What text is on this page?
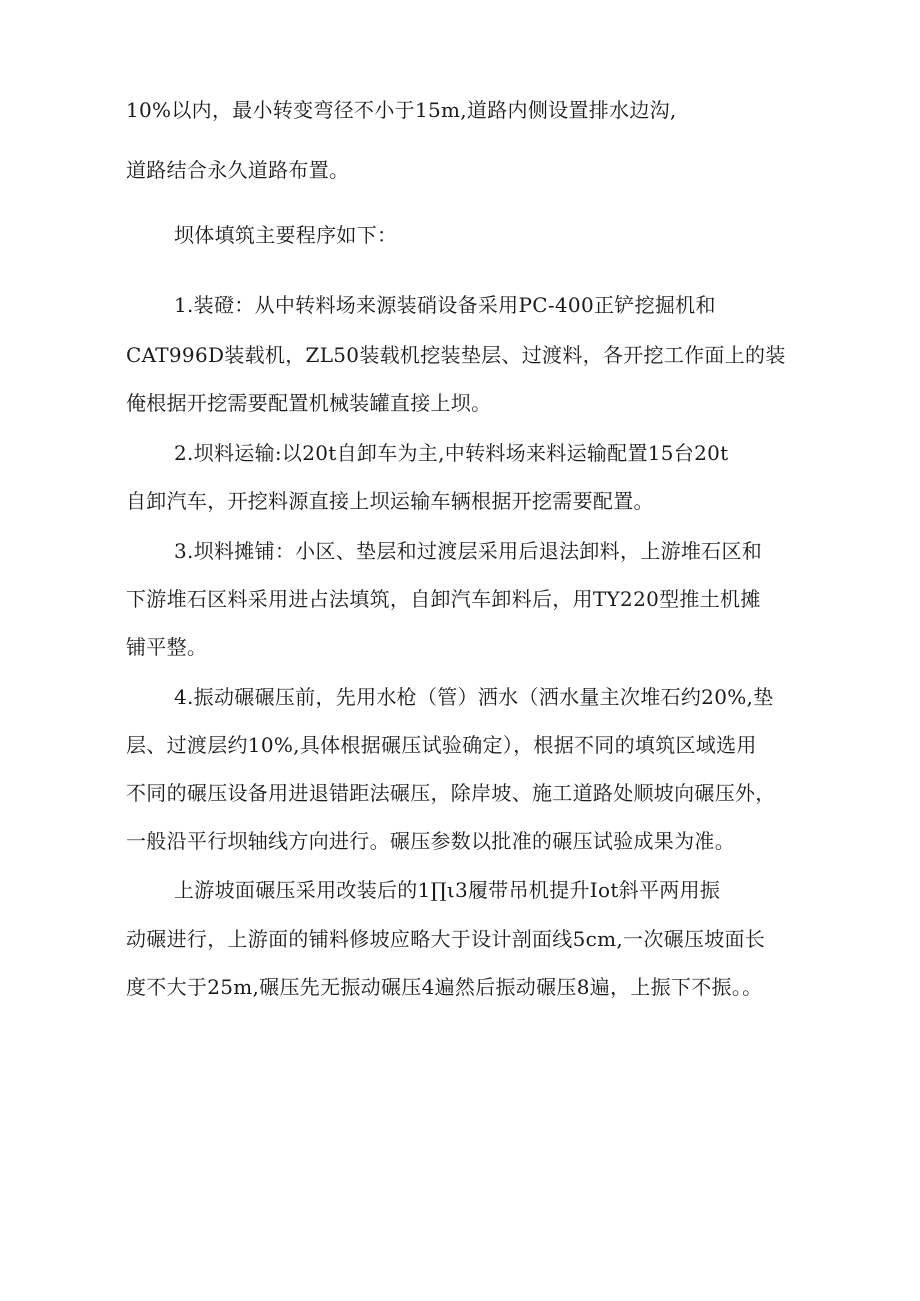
10%以内，最小转变弯径不小于15m,道路内侧设置排水边沟,
道路结合永久道路布置。
坝体填筑主要程序如下：
1.装磴：从中转料场来源装硝设备采用PC-400正铲挖掘机和
CAT996D装载机，ZL50装载机挖装垫层、过渡料，各开挖工作面上的装
俺根据开挖需要配置机械装罐直接上坝。
2.坝料运输:以20t自卸车为主,中转料场来料运输配置15台20t
自卸汽车，开挖料源直接上坝运输车辆根据开挖需要配置。
3.坝料摊铺：小区、垫层和过渡层采用后退法卸料，上游堆石区和
下游堆石区料采用进占法填筑，自卸汽车卸料后，用TY220型推土机摊
铺平整。
4.振动碾碾压前，先用水枪（管）洒水（洒水量主次堆石约20%,垫
层、过渡层约10%,具体根据碾压试验确定），根据不同的填筑区域选用
不同的碾压设备用进退错距法碾压，除岸坡、施工道路处顺坡向碾压外，
一般沿平行坝轴线方向进行。碾压参数以批准的碾压试验成果为准。
上游坡面碾压采用改装后的1∏ι3履带吊机提升Iot斜平两用振
动碾进行，上游面的铺料修坡应略大于设计剖面线5cm,一次碾压坡面长
度不大于25m,碾压先无振动碾压4遍然后振动碾压8遍，上振下不振。。
